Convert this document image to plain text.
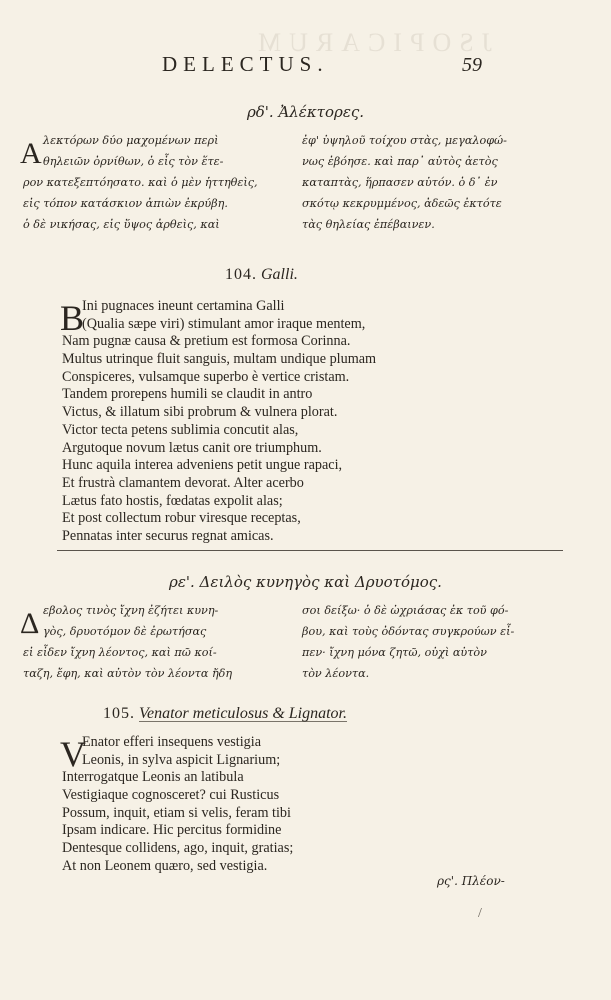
JSOPICARUM
DELECTUS.	59
ρδ'. Ἀλέκτορες.
Α λεκτόρων δύο μαχομένων περὶ
θηλειῶν ὀρνίθων, ὁ εἷς τὸν ἕτε-
ρον κατεξεπτόησατο. καὶ ὁ μὲν ἡττηθεὶς,
εἰς τόπον κατάσκιον ἀπιὼν ἐκρύβη.
ὁ δὲ νικήσας, εἰς ὕψος ἀρθεὶς, καὶ
ἐφ' ὑψηλοῦ τοίχου στὰς, μεγαλοφώ-
νως ἐβόησε. καὶ παρ᾽ αὐτὸς ἀετὸς
καταπτὰς, ἥρπασεν αὐτόν. ὁ δ᾽ ἐν
σκότῳ κεκρυμμένος, ἀδεῶς ἐκτότε
τὰς θηλείας ἐπέβαινεν.
104. Galli.
B
Ini pugnaces ineunt certamina Galli
(Qualia sæpe viri) stimulant amor iraque mentem,
Nam pugnæ causa & pretium est formosa Corinna.
Multus utrinque fluit sanguis, multam undique plumam
Conspiceres, vulsamque superbo è vertice cristam.
Tandem prorepens humili se claudit in antro
Victus, & illatum sibi probrum & vulnera plorat.
Victor tecta petens sublimia concutit alas,
Argutoque novum lætus canit ore triumphum.
Hunc aquila interea adveniens petit ungue rapaci,
Et frustrà clamantem devorat. Alter acerbo
Lætus fato hostis, fœdatas expolit alas;
Et post collectum robur viresque receptas,
Pennatas inter securus regnat amicas.
ρε'. Δειλὸς κυνηγὸς καὶ Δρυοτόμος.
Δ εβολος τινὸς ἴχνη ἐζήτει κυνη-
γὸς, δρυοτόμον δὲ ἐρωτήσας
εἰ εἶδεν ἴχνη λέοντος, καὶ πῶ κοί-
ταζη, ἔφη, καὶ αὐτὸν τὸν λέοντα ἤδη
σοι δείξω· ὁ δὲ ὠχριάσας ἐκ τοῦ φό-
βου, καὶ τοὺς ὀδόντας συγκρούων εἶ-
πεν· ἴχνη μόνα ζητῶ, οὐχὶ αὐτὸν
τὸν λέοντα.
105. Venator meticulosus & Lignator.
V
Enator efferi insequens vestigia
Leonis, in sylva aspicit Lignarium;
Interrogatque Leonis an latibula
Vestigiaque cognosceret? cui Rusticus
Possum, inquit, etiam si velis, feram tibi
Ipsam indicare. Hic percitus formidine
Dentesque collidens, ago, inquit, gratias;
At non Leonem quæro, sed vestigia.
ρς'. Πλέον-
/
